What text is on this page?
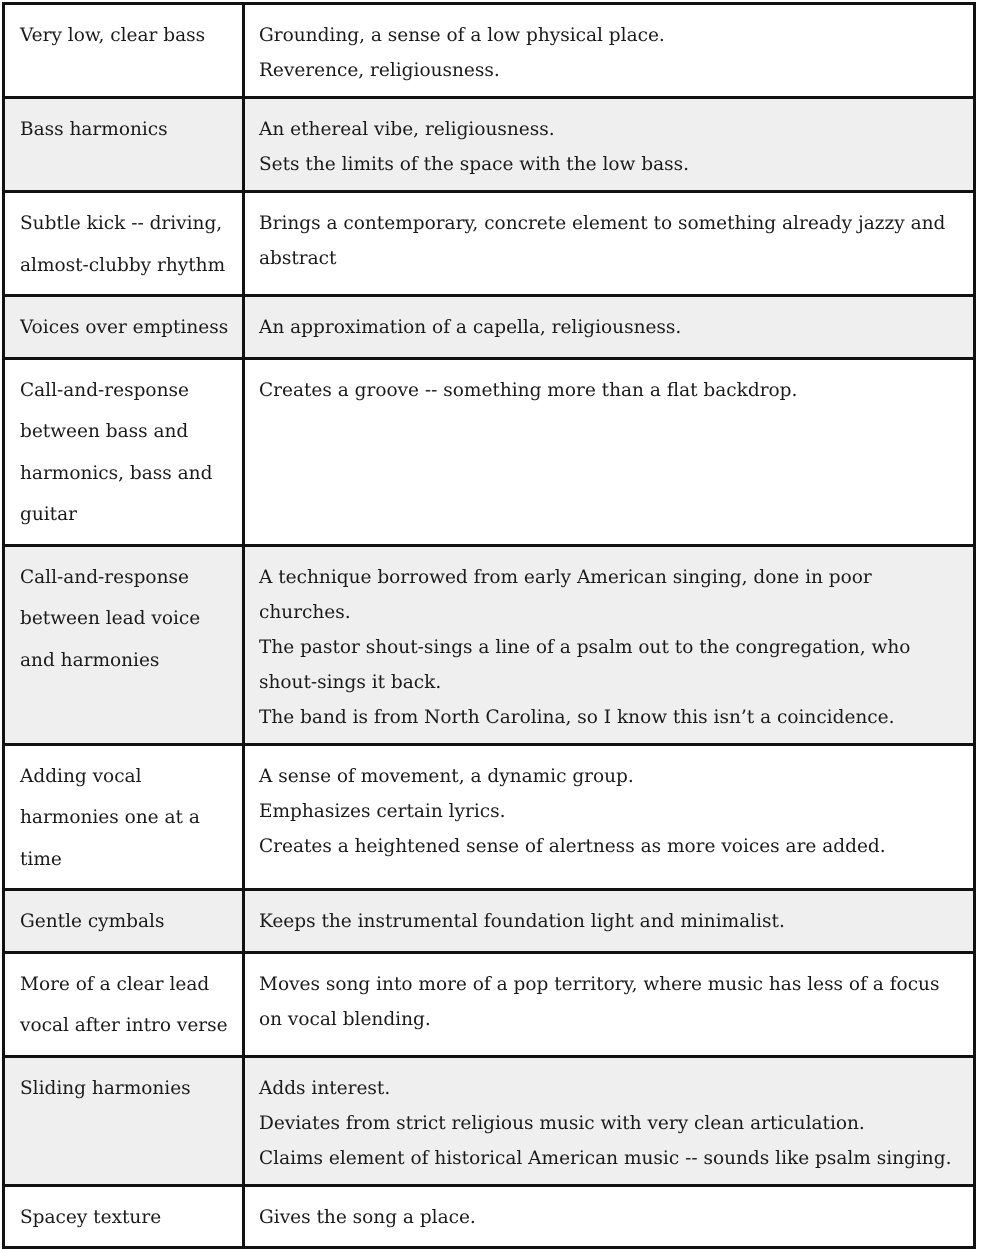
Very low, clear bass	Grounding, a sense of a low physical place.
Reverence, religiousness.

Bass harmonics	An ethereal vibe, religiousness.
Sets the limits of the space with the low bass.

Subtle kick -- driving, almost-clubby rhythm	Brings a contemporary, concrete element to something already jazzy and abstract

Voices over emptiness	An approximation of a capella, religiousness.

Call-and-response between bass and harmonics, bass and guitar	Creates a groove -- something more than a flat backdrop.

Call-and-response between lead voice and harmonies	A technique borrowed from early American singing, done in poor churches.
The pastor shout-sings a line of a psalm out to the congregation, who shout-sings it back.
The band is from North Carolina, so I know this isn’t a coincidence.

Adding vocal harmonies one at a time	A sense of movement, a dynamic group.
Emphasizes certain lyrics.
Creates a heightened sense of alertness as more voices are added.

Gentle cymbals	Keeps the instrumental foundation light and minimalist.

More of a clear lead vocal after intro verse	Moves song into more of a pop territory, where music has less of a focus on vocal blending.

Sliding harmonies	Adds interest.
Deviates from strict religious music with very clean articulation.
Claims element of historical American music -- sounds like psalm singing.

Spacey texture	Gives the song a place.
